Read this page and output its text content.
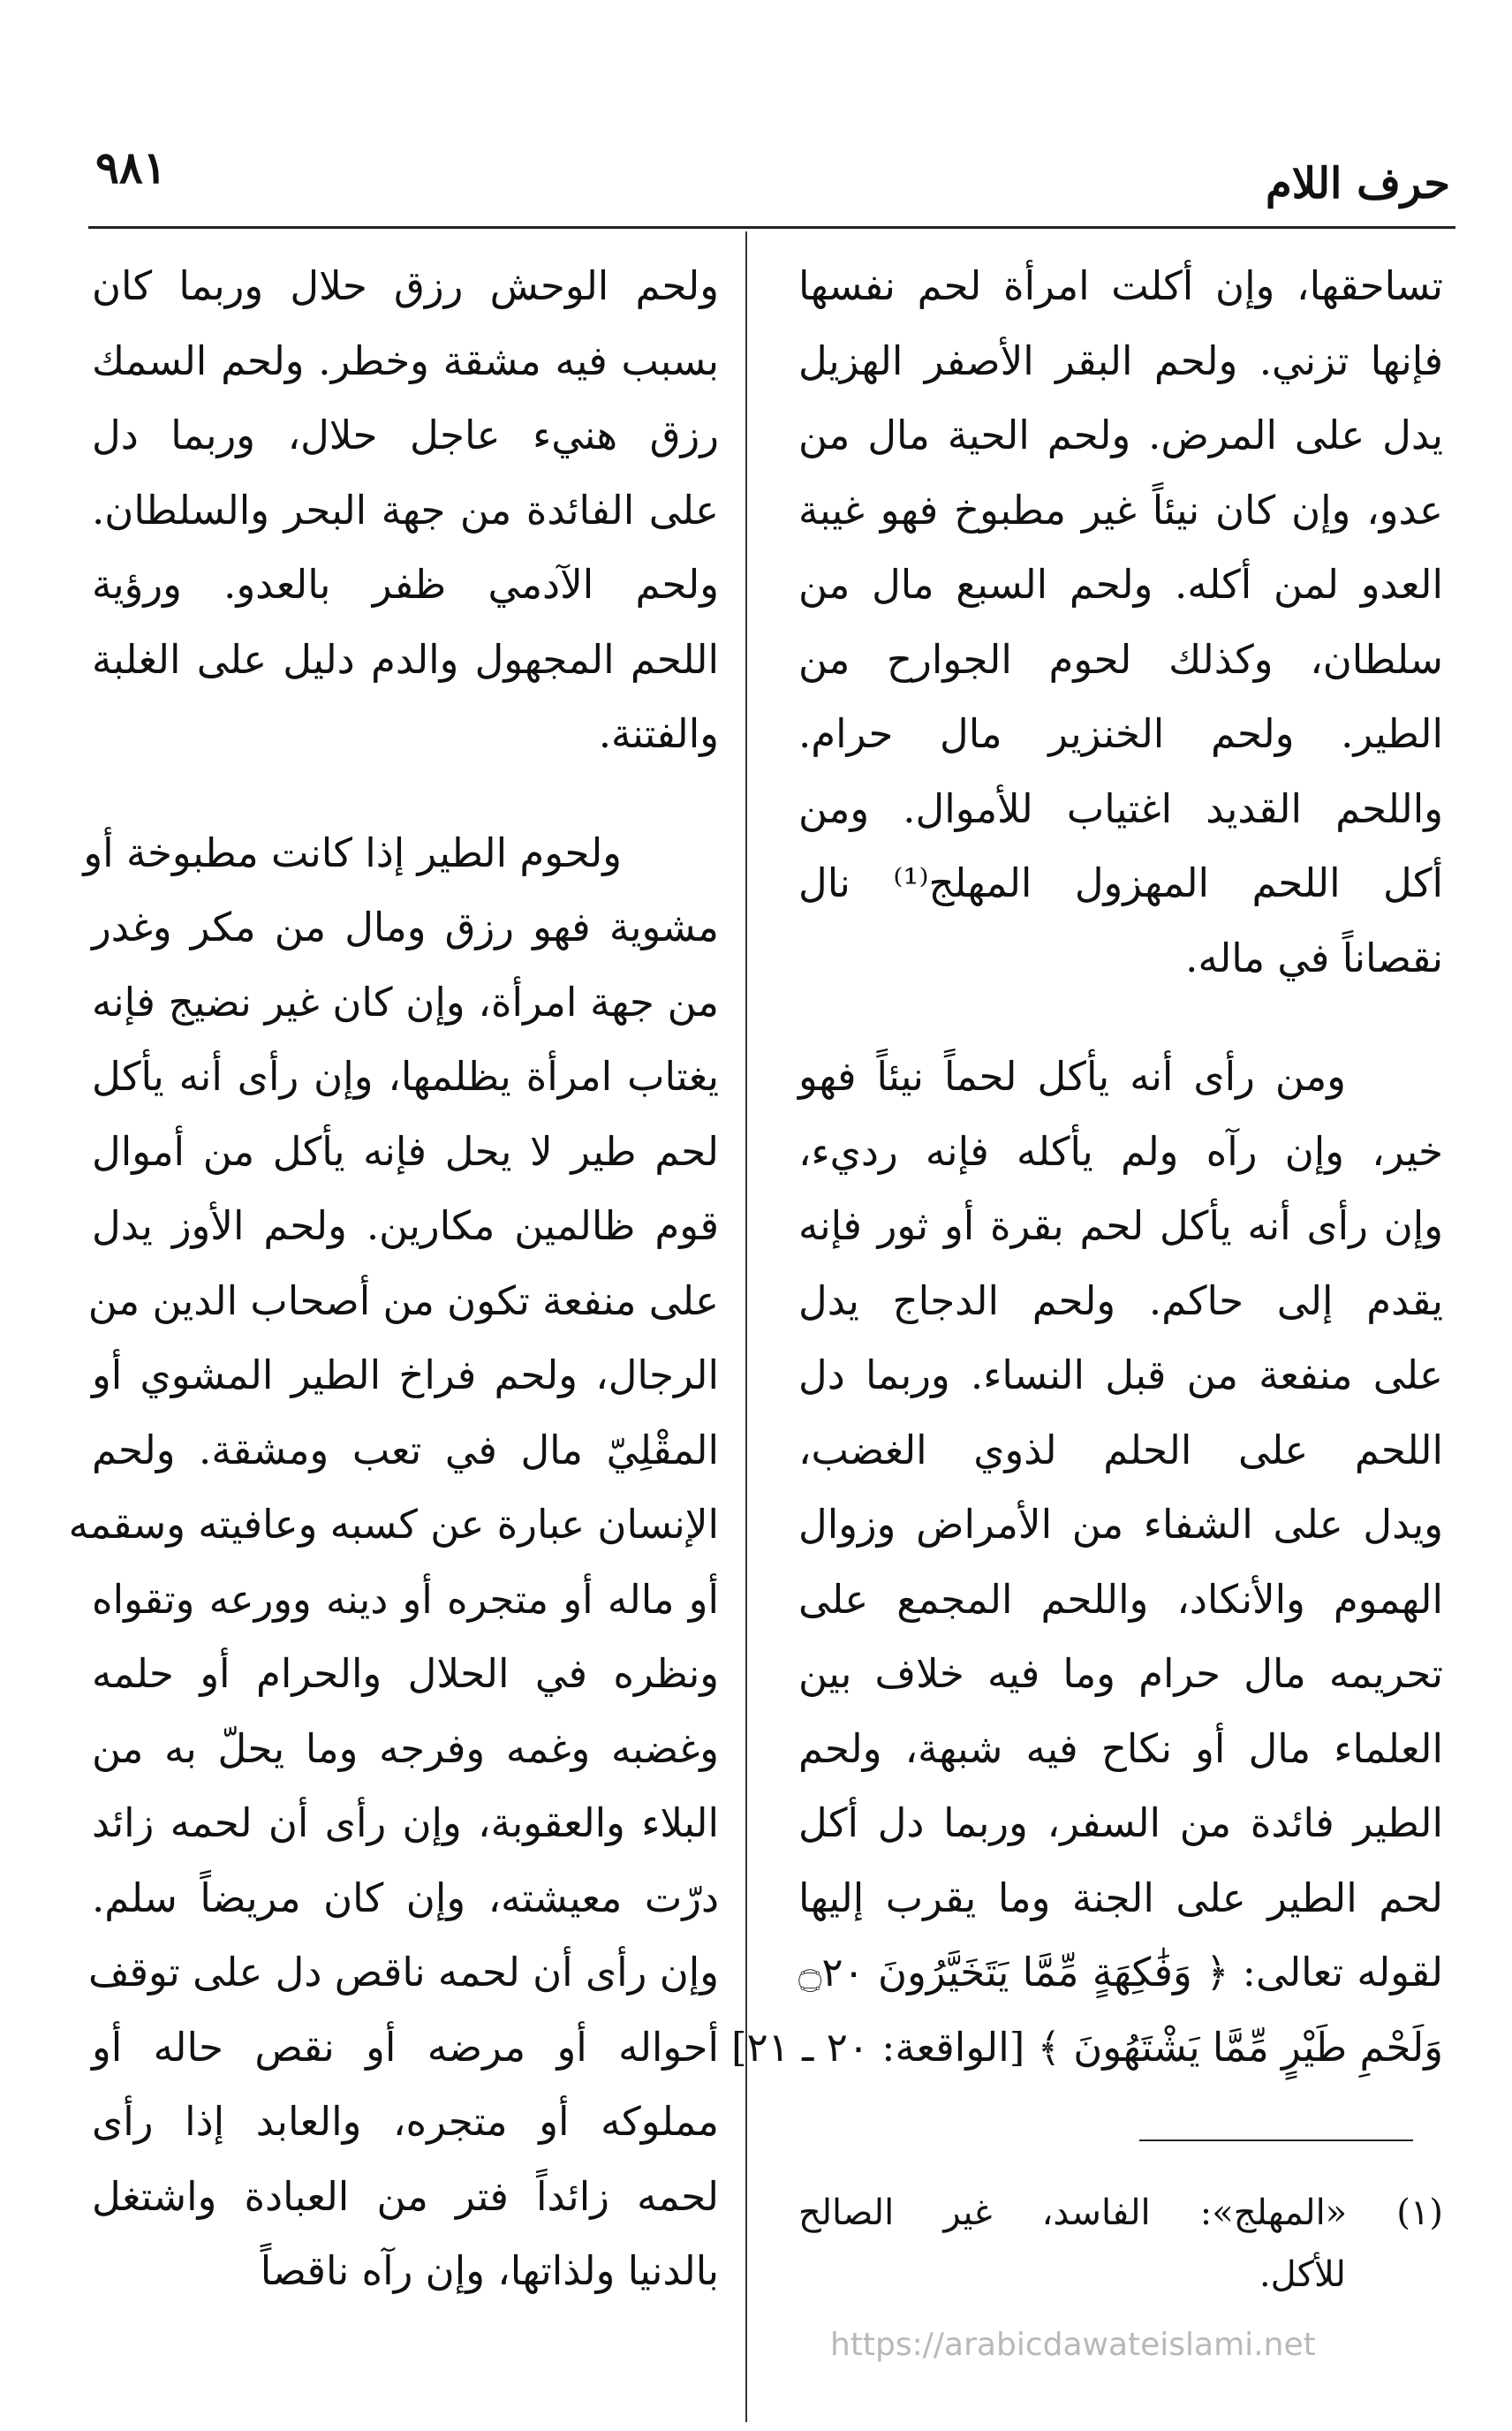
حرف اللام
٩٨١
تساحقها، وإن أكلت امرأة لحم نفسها
فإنها تزني. ولحم البقر الأصفر الهزيل
يدل على المرض. ولحم الحية مال من
عدو، وإن كان نيئاً غير مطبوخ فهو غيبة
العدو لمن أكله. ولحم السبع مال من
سلطان، وكذلك لحوم الجوارح من
الطير. ولحم الخنزير مال حرام.
واللحم القديد اغتياب للأموال. ومن
أكل اللحم المهزول المهلج⁽¹⁾ نال
نقصاناً في ماله.
ومن رأى أنه يأكل لحماً نيئاً فهو
خير، وإن رآه ولم يأكله فإنه رديء،
وإن رأى أنه يأكل لحم بقرة أو ثور فإنه
يقدم إلى حاكم. ولحم الدجاج يدل
على منفعة من قبل النساء. وربما دل
اللحم على الحلم لذوي الغضب،
ويدل على الشفاء من الأمراض وزوال
الهموم والأنكاد، واللحم المجمع على
تحريمه مال حرام وما فيه خلاف بين
العلماء مال أو نكاح فيه شبهة، ولحم
الطير فائدة من السفر، وربما دل أكل
لحم الطير على الجنة وما يقرب إليها
لقوله تعالى: ﴿ وَفَٰكِهَةٍ مِّمَّا يَتَخَيَّرُونَ ۝٢٠
وَلَحْمِ طَيْرٍ مِّمَّا يَشْتَهُونَ ﴾ [الواقعة: ٢٠ ـ ٢١]
ولحم الوحش رزق حلال وربما كان
بسبب فيه مشقة وخطر. ولحم السمك
رزق هنيء عاجل حلال، وربما دل
على الفائدة من جهة البحر والسلطان.
ولحم الآدمي ظفر بالعدو. ورؤية
اللحم المجهول والدم دليل على الغلبة
والفتنة.
ولحوم الطير إذا كانت مطبوخة أو
مشوية فهو رزق ومال من مكر وغدر
من جهة امرأة، وإن كان غير نضيج فإنه
يغتاب امرأة يظلمها، وإن رأى أنه يأكل
لحم طير لا يحل فإنه يأكل من أموال
قوم ظالمين مكارين. ولحم الأوز يدل
على منفعة تكون من أصحاب الدين من
الرجال، ولحم فراخ الطير المشوي أو
المقْلِيّ مال في تعب ومشقة. ولحم
الإنسان عبارة عن كسبه وعافيته وسقمه
أو ماله أو متجره أو دينه وورعه وتقواه
ونظره في الحلال والحرام أو حلمه
وغضبه وغمه وفرجه وما يحلّ به من
البلاء والعقوبة، وإن رأى أن لحمه زائد
درّت معيشته، وإن كان مريضاً سلم.
وإن رأى أن لحمه ناقص دل على توقف
أحواله أو مرضه أو نقص حاله أو
مملوكه أو متجره، والعابد إذا رأى
لحمه زائداً فتر من العبادة واشتغل
بالدنيا ولذاتها، وإن رآه ناقصاً
(١) «المهلج»: الفاسد، غير الصالح
للأكل.
https://arabicdawateislami.net
